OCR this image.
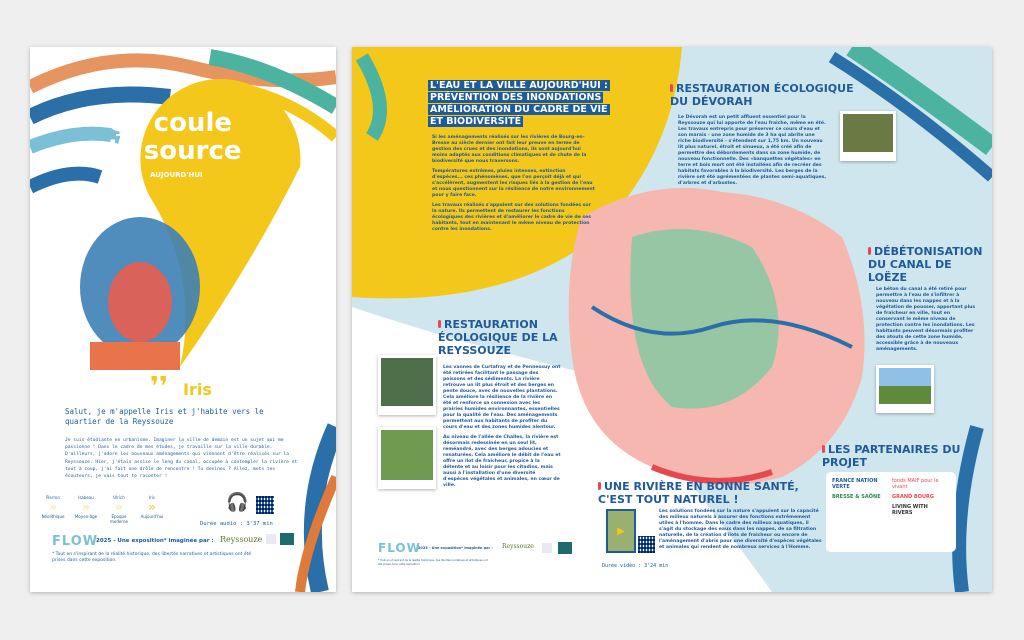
Ça coule
de source
AUJOURD'HUI
❜❜ Iris
Salut, je m'appelle Iris et j'habite vers le quartier de la Reyssouze
Je suis étudiante en urbanisme. Imaginer la ville de demain est un sujet qui me passionne ! Dans le cadre de mes études, je travaille sur la ville durable. D'ailleurs, j'adore les nouveaux aménagements qui viennent d'être réalisés sur la Reyssouze. Hier, j'étais assise le long du canal, occupée à contempler la rivière et tout à coup, j'ai fait une drôle de rencontre ! Tu devines ? Allez, mets tes écouteurs, je vais tout te raconter !
Pierron
»
Néolithique
Isabeau
»
Moyen-âge
Ulrich
»
Époque moderne
Iris
»
Aujourd'hui
🎧
Durée audio : 3'37 min
FLOW
2025 - Une exposition* imaginée par :
* Tout en s'inspirant de la réalité historique, des libertés narratives et artistiques ont été prises dans cette exposition.
Reyssouze
L'EAU ET LA VILLE AUJOURD'HUI :
PRÉVENTION DES INONDATIONS
AMÉLIORATION DU CADRE DE VIE
ET BIODIVERSITÉ

Si les aménagements réalisés sur les rivières de Bourg-en-Bresse au siècle dernier ont fait leur preuve en terme de gestion des crues et des inondations, ils sont aujourd'hui moins adaptés aux conditions climatiques et de chute de la biodiversité que nous traversons.

Températures extrêmes, pluies intenses, extinction d'espèces... ces phénomènes, que l'on perçoit déjà et qui s'accélèrent, augmentent les risques liés à la gestion de l'eau et nous questionnent sur la résilience de notre environnement pour y faire face.

Les travaux réalisés s'appuient sur des solutions fondées sur la nature. Ils permettent de restaurer les fonctions écologiques des rivières et d'améliorer le cadre de vie de ses habitants, tout en maintenant le même niveau de protection contre les inondations.

RESTAURATION ÉCOLOGIQUE DU DÉVORAH
Le Dévorah est un petit affluent essentiel pour la Reyssouze qui lui apporte de l'eau fraîche, même en été. Les travaux entrepris pour préserver ce cours d'eau et son marais - une zone humide de 3 ha qui abrite une riche biodiversité - s'étendent sur 1,75 km. Un nouveau lit plus naturel, étroit et sinueux, a été créé afin de permettre des débordements dans sa zone humide, de nouveau fonctionnelle. Des «banquettes végétales» en terre et bois mort ont été installées afin de recréer des habitats favorables à la biodiversité. Les berges de la rivière ont été agrémentées de plantes semi-aquatiques, d'arbres et d'arbustes.
DÉBÉTONISATION DU CANAL DE LOËZE
Le béton du canal a été retiré pour permettre à l'eau de s'infiltrer à nouveau dans les nappes et à la végétation de pousser, apportant plus de fraîcheur en ville, tout en conservant le même niveau de protection contre les inondations. Les habitants peuvent désormais profiter des atouts de cette zone humide, accessible grâce à de nouveaux aménagements.
RESTAURATION ÉCOLOGIQUE DE LA REYSSOUZE

Les vannes de Curtafray et de Pennessuy ont été retirées facilitant le passage des poissons et des sédiments. La rivière retrouve un lit plus étroit et des berges en pente douce, avec de nouvelles plantations. Cela améliore la résilience de la rivière en été et renforce sa connexion avec les prairies humides environnantes, essentielles pour la qualité de l'eau. Des aménagements permettent aux habitants de profiter du cours d'eau et des zones humides alentour.

Au niveau de l'allée de Challes, la rivière est désormais redessinée en un seul lit, reméandré, avec des berges adoucies et renaturées. Cela améliore le débit de l'eau et offre un îlot de fraîcheur, propice à la détente et au loisir pour les citadins, mais aussi à l'installation d'une diversité d'espèces végétales et animales, en cœur de ville.	UNE RIVIÈRE EN BONNE SANTÉ, C'EST TOUT NATUREL !
▶
Les solutions fondées sur la nature s'appuient sur la capacité des milieux naturels à assurer des fonctions extrêmement utiles à l'homme. Dans le cadre des milieux aquatiques, il s'agit du stockage des eaux dans les nappes, de sa filtration naturelle, de la création d'îlots de fraîcheur ou encore de l'aménagement d'abris pour une diversité d'espèces végétales et animales qui rendent de nombreux services à l'Homme.
Durée vidéo : 3'24 min
LES PARTENAIRES DU PROJET
FRANCE NATION VERTE
fonds MAIF pour le vivant
BRESSE & SAÔNE	GRAND BOURG
LIVING WITH RIVERS
FLOW
2025 - Une exposition* imaginée par :
* Tout en s'inspirant de la réalité historique, des libertés narratives et artistiques ont été prises dans cette exposition.
Reyssouze
